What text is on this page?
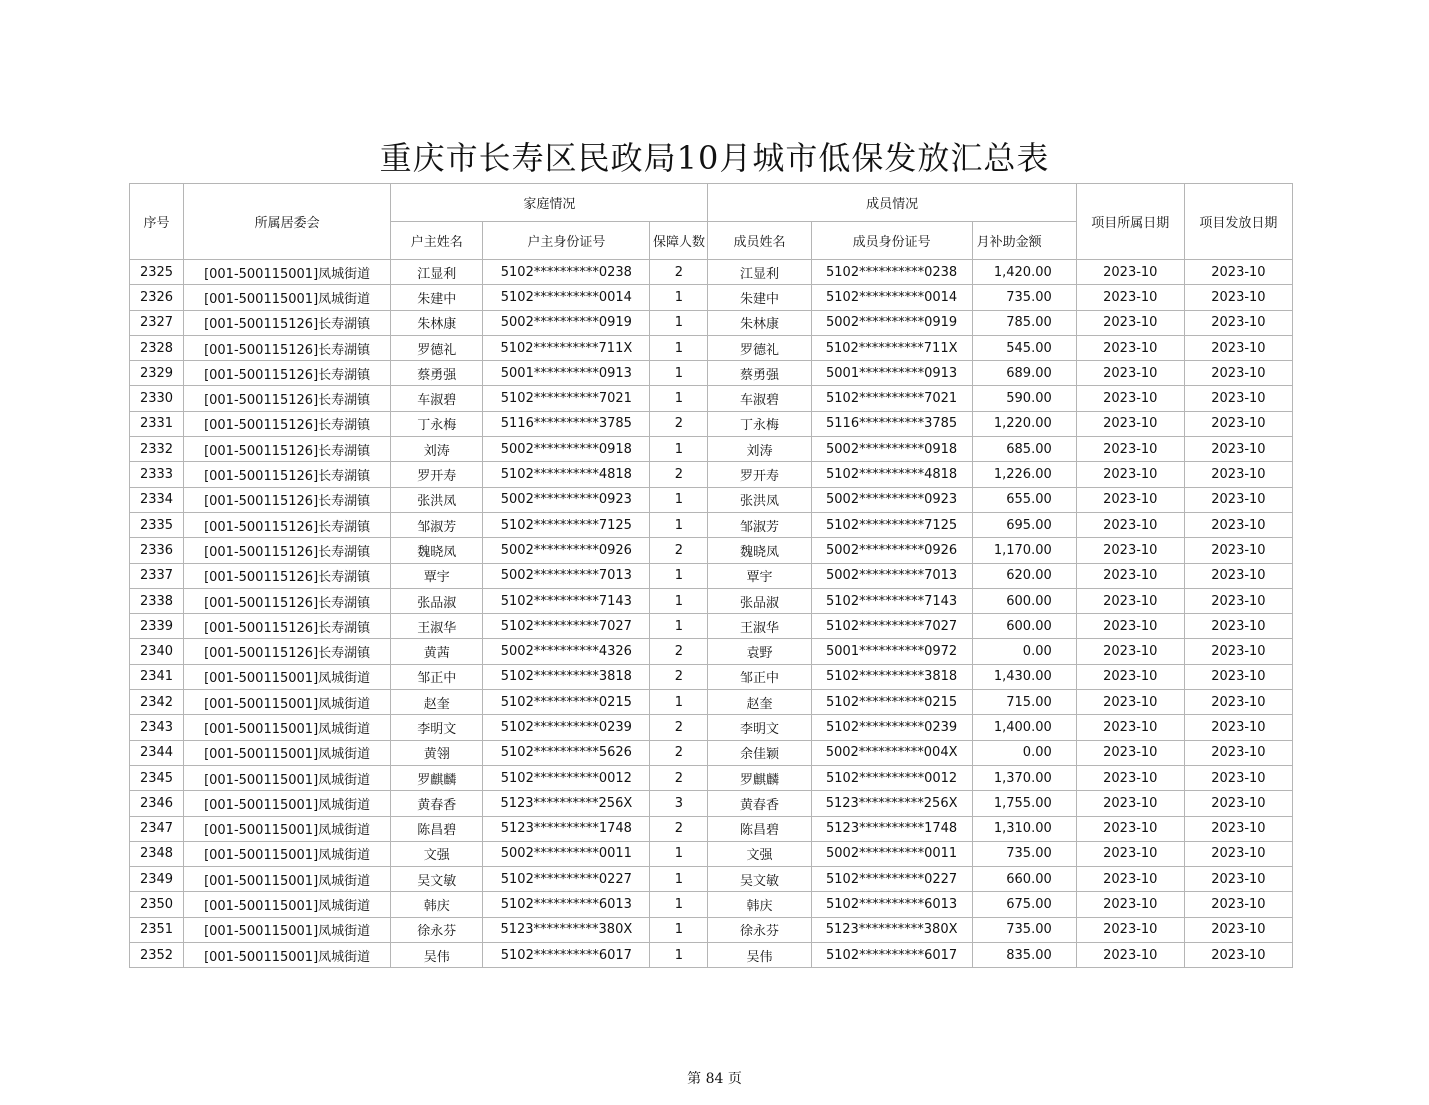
重庆市长寿区民政局10月城市低保发放汇总表
序号	所属居委会	家庭情况			成员情况			项目所属日期	项目发放日期
		户主姓名	户主身份证号	保障人数	成员姓名	成员身份证号	月补助金额		
2325	[001-500115001]凤城街道	江显利	5102**********0238	2	江显利	5102**********0238	1,420.00	2023-10	2023-10
2326	[001-500115001]凤城街道	朱建中	5102**********0014	1	朱建中	5102**********0014	735.00	2023-10	2023-10
2327	[001-500115126]长寿湖镇	朱林康	5002**********0919	1	朱林康	5002**********0919	785.00	2023-10	2023-10
2328	[001-500115126]长寿湖镇	罗德礼	5102**********711X	1	罗德礼	5102**********711X	545.00	2023-10	2023-10
2329	[001-500115126]长寿湖镇	蔡勇强	5001**********0913	1	蔡勇强	5001**********0913	689.00	2023-10	2023-10
2330	[001-500115126]长寿湖镇	车淑碧	5102**********7021	1	车淑碧	5102**********7021	590.00	2023-10	2023-10
2331	[001-500115126]长寿湖镇	丁永梅	5116**********3785	2	丁永梅	5116**********3785	1,220.00	2023-10	2023-10
2332	[001-500115126]长寿湖镇	刘涛	5002**********0918	1	刘涛	5002**********0918	685.00	2023-10	2023-10
2333	[001-500115126]长寿湖镇	罗开寿	5102**********4818	2	罗开寿	5102**********4818	1,226.00	2023-10	2023-10
2334	[001-500115126]长寿湖镇	张洪凤	5002**********0923	1	张洪凤	5002**********0923	655.00	2023-10	2023-10
2335	[001-500115126]长寿湖镇	邹淑芳	5102**********7125	1	邹淑芳	5102**********7125	695.00	2023-10	2023-10
2336	[001-500115126]长寿湖镇	魏晓凤	5002**********0926	2	魏晓凤	5002**********0926	1,170.00	2023-10	2023-10
2337	[001-500115126]长寿湖镇	覃宇	5002**********7013	1	覃宇	5002**********7013	620.00	2023-10	2023-10
2338	[001-500115126]长寿湖镇	张品淑	5102**********7143	1	张品淑	5102**********7143	600.00	2023-10	2023-10
2339	[001-500115126]长寿湖镇	王淑华	5102**********7027	1	王淑华	5102**********7027	600.00	2023-10	2023-10
2340	[001-500115126]长寿湖镇	黄茜	5002**********4326	2	袁野	5001**********0972	0.00	2023-10	2023-10
2341	[001-500115001]凤城街道	邹正中	5102**********3818	2	邹正中	5102**********3818	1,430.00	2023-10	2023-10
2342	[001-500115001]凤城街道	赵奎	5102**********0215	1	赵奎	5102**********0215	715.00	2023-10	2023-10
2343	[001-500115001]凤城街道	李明文	5102**********0239	2	李明文	5102**********0239	1,400.00	2023-10	2023-10
2344	[001-500115001]凤城街道	黄翎	5102**********5626	2	余佳颖	5002**********004X	0.00	2023-10	2023-10
2345	[001-500115001]凤城街道	罗麒麟	5102**********0012	2	罗麒麟	5102**********0012	1,370.00	2023-10	2023-10
2346	[001-500115001]凤城街道	黄春香	5123**********256X	3	黄春香	5123**********256X	1,755.00	2023-10	2023-10
2347	[001-500115001]凤城街道	陈昌碧	5123**********1748	2	陈昌碧	5123**********1748	1,310.00	2023-10	2023-10
2348	[001-500115001]凤城街道	文强	5002**********0011	1	文强	5002**********0011	735.00	2023-10	2023-10
2349	[001-500115001]凤城街道	吴文敏	5102**********0227	1	吴文敏	5102**********0227	660.00	2023-10	2023-10
2350	[001-500115001]凤城街道	韩庆	5102**********6013	1	韩庆	5102**********6013	675.00	2023-10	2023-10
2351	[001-500115001]凤城街道	徐永芬	5123**********380X	1	徐永芬	5123**********380X	735.00	2023-10	2023-10
2352	[001-500115001]凤城街道	吴伟	5102**********6017	1	吴伟	5102**********6017	835.00	2023-10	2023-10
第 84 页
